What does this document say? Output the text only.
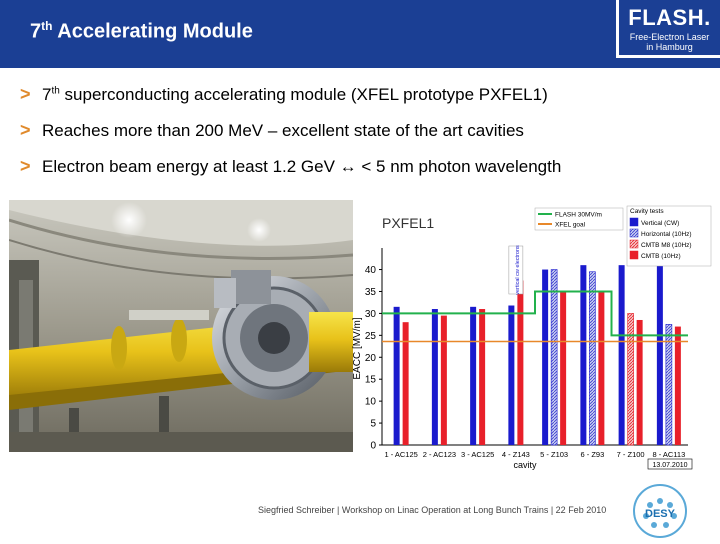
7th Accelerating Module
FLASH.
Free-Electron Laser
in Hamburg
> 7th superconducting accelerating module (XFEL prototype PXFEL1)
> Reaches more than 200 MeV – excellent state of the art cavities
> Electron beam energy at least 1.2 GeV ↔ < 5 nm photon wavelength
PXFEL1
0
5
10
15
20
25
30
35
40
EACC [MV/m]
1 - AC125 2 - AC123 3 - AC125 4 - Z143 5 - Z103 6 - Z93 7 - Z100 8 - AC113
cavity
vertical cw electrons
13.07.2010
FLASH 30MV/m
XFEL goal
Cavity tests
Vertical (CW)
Horizontal (10Hz)
CMTB M8 (10Hz)
CMTB (10Hz)
Siegfried Schreiber | Workshop on Linac Operation at Long Bunch Trains | 22 Feb 2010	DESY
